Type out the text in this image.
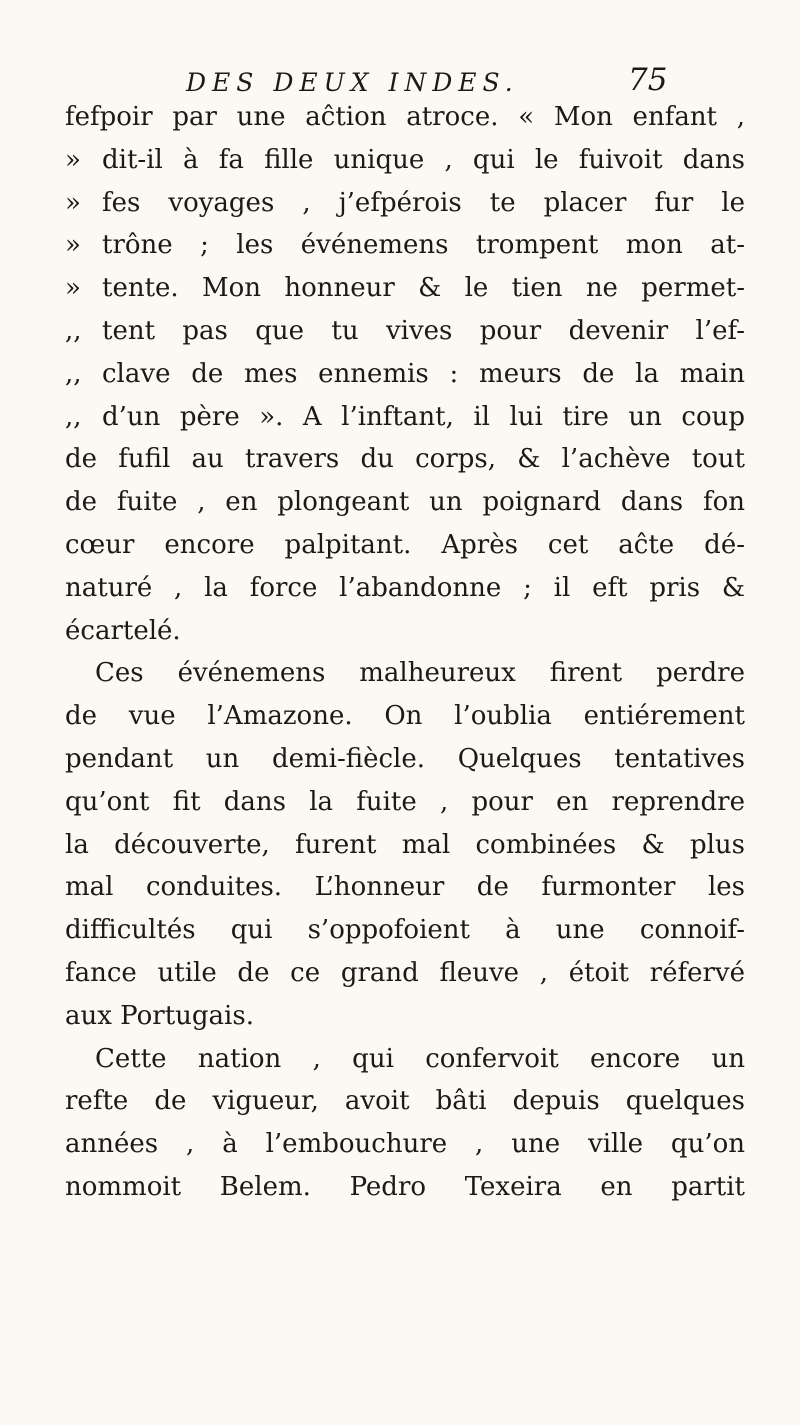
DES DEUX INDES.	75
fefpoir par une aĉtion atroce. « Mon enfant ,
» dit-il à fa fille unique , qui le fuivoit dans
» fes voyages , j’efpérois te placer fur le
» trône ; les événemens trompent mon at-
» tente. Mon honneur & le tien ne permet-
,, tent pas que tu vives pour devenir l’ef-
,, clave de mes ennemis : meurs de la main
,, d’un père ». A l’inftant, il lui tire un coup
de fufil au travers du corps, & l’achève tout
de fuite , en plongeant un poignard dans fon
cœur encore palpitant. Après cet aĉte dé-
naturé , la force l’abandonne ; il eft pris &
écartelé.
Ces événemens malheureux firent perdre
de vue l’Amazone. On l’oublia entiérement
pendant un demi-fiècle. Quelques tentatives
qu’ont fit dans la fuite , pour en reprendre
la découverte, furent mal combinées & plus
mal conduites. L’honneur de furmonter les
difficultés qui s’oppofoient à une connoif-
fance utile de ce grand fleuve , étoit réfervé
aux Portugais.
Cette nation , qui confervoit encore un
refte de vigueur, avoit bâti depuis quelques
années , à l’embouchure , une ville qu’on
nommoit Belem. Pedro Texeira en partit
